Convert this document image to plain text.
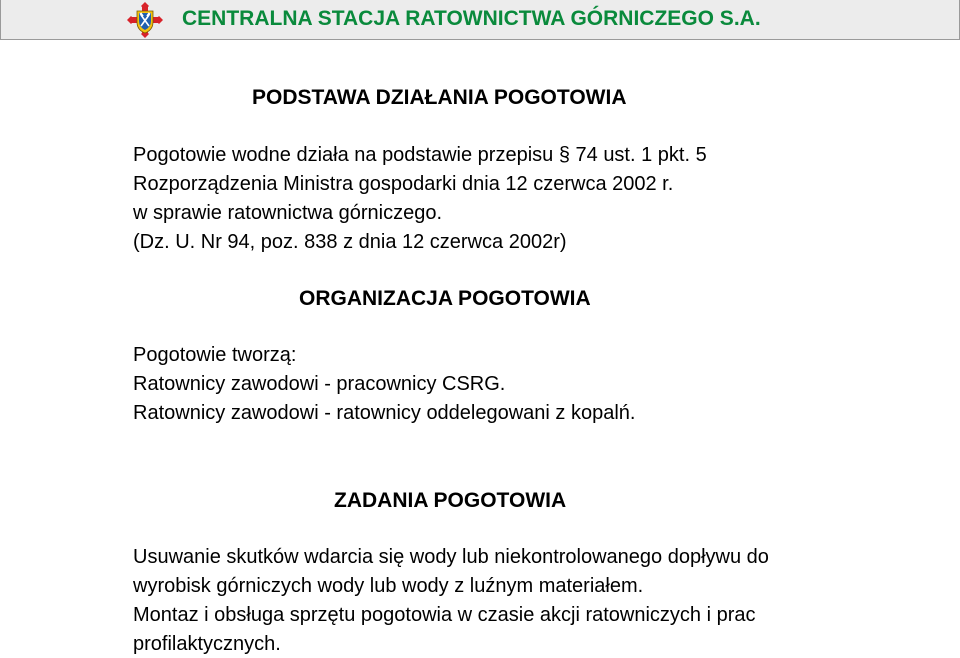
CENTRALNA STACJA RATOWNICTWA GÓRNICZEGO S.A.
PODSTAWA DZIAŁANIA POGOTOWIA
Pogotowie wodne działa na podstawie przepisu § 74 ust. 1 pkt. 5
Rozporządzenia Ministra gospodarki dnia 12 czerwca 2002 r.
w sprawie ratownictwa górniczego.
(Dz. U. Nr 94, poz. 838 z dnia 12 czerwca 2002r)
ORGANIZACJA POGOTOWIA
Pogotowie tworzą:
Ratownicy zawodowi - pracownicy CSRG.
Ratownicy zawodowi - ratownicy oddelegowani z kopalń.
ZADANIA POGOTOWIA
Usuwanie skutków wdarcia się wody lub niekontrolowanego dopływu do
wyrobisk górniczych wody lub wody z luźnym materiałem.
Montaz i obsługa sprzętu pogotowia w czasie akcji ratowniczych i prac
profilaktycznych.
